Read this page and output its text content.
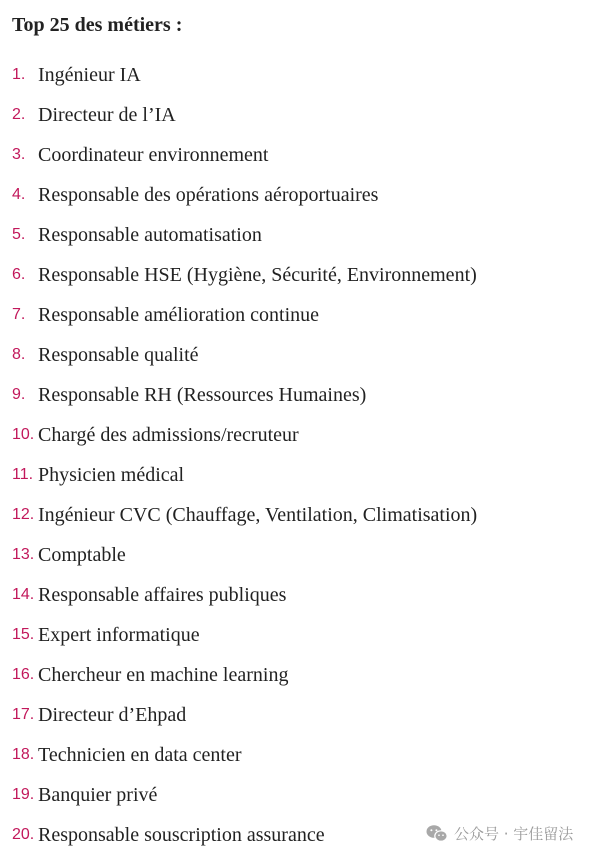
Top 25 des métiers :
1. Ingénieur IA
2. Directeur de l’IA
3. Coordinateur environnement
4. Responsable des opérations aéroportuaires
5. Responsable automatisation
6. Responsable HSE (Hygiène, Sécurité, Environnement)
7. Responsable amélioration continue
8. Responsable qualité
9. Responsable RH (Ressources Humaines)
10. Chargé des admissions/recruteur
11. Physicien médical
12. Ingénieur CVC (Chauffage, Ventilation, Climatisation)
13. Comptable
14. Responsable affaires publiques
15. Expert informatique
16. Chercheur en machine learning
17. Directeur d’Ehpad
18. Technicien en data center
19. Banquier privé
20. Responsable souscription assurance	公众号 · 宇佳留法
